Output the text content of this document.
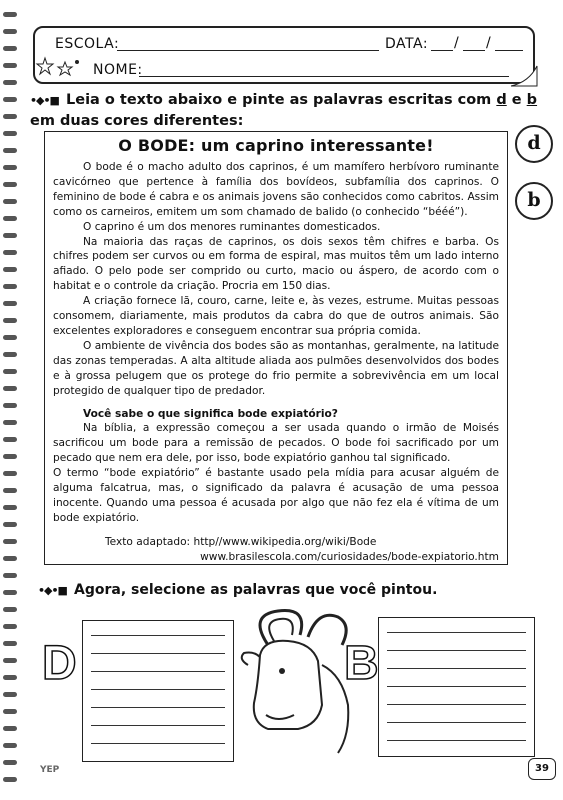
ESCOLA:	DATA: / /
NOME:
•◆•■ Leia o texto abaixo e pinte as palavras escritas com d e b em duas cores diferentes:
O BODE: um caprino interessante!

O bode é o macho adulto dos caprinos, é um mamífero herbívoro ruminante cavicórneo que pertence à família dos bovídeos, subfamília dos caprinos. O feminino de bode é cabra e os animais jovens são conhecidos como cabritos. Assim como os carneiros, emitem um som chamado de balido (o conhecido “bééé”).

O caprino é um dos menores ruminantes domesticados.

Na maioria das raças de caprinos, os dois sexos têm chifres e barba. Os chifres podem ser curvos ou em forma de espiral, mas muitos têm um lado interno afiado. O pelo pode ser comprido ou curto, macio ou áspero, de acordo com o habitat e o controle da criação. Procria em 150 dias.

A criação fornece lã, couro, carne, leite e, às vezes, estrume. Muitas pessoas consomem, diariamente, mais produtos da cabra do que de outros animais. São excelentes exploradores e conseguem encontrar sua própria comida.

O ambiente de vivência dos bodes são as montanhas, geralmente, na latitude das zonas temperadas. A alta altitude aliada aos pulmões desenvolvidos dos bodes e à grossa pelugem que os protege do frio permite a sobrevivência em um local protegido de qualquer tipo de predador.

Você sabe o que significa bode expiatório?

Na bíblia, a expressão começou a ser usada quando o irmão de Moisés sacrificou um bode para a remissão de pecados. O bode foi sacrificado por um pecado que nem era dele, por isso, bode expiatório ganhou tal significado.

O termo “bode expiatório” é bastante usado pela mídia para acusar alguém de alguma falcatrua, mas, o significado da palavra é acusação de uma pessoa inocente. Quando uma pessoa é acusada por algo que não fez ela é vítima de um bode expiatório.

Texto adaptado: http//www.wikipedia.org/wiki/Bode

www.brasilescola.com/curiosidades/bode-expiatorio.htm

d
b
•◆•■ Agora, selecione as palavras que você pintou.
D	B
YEP	39
